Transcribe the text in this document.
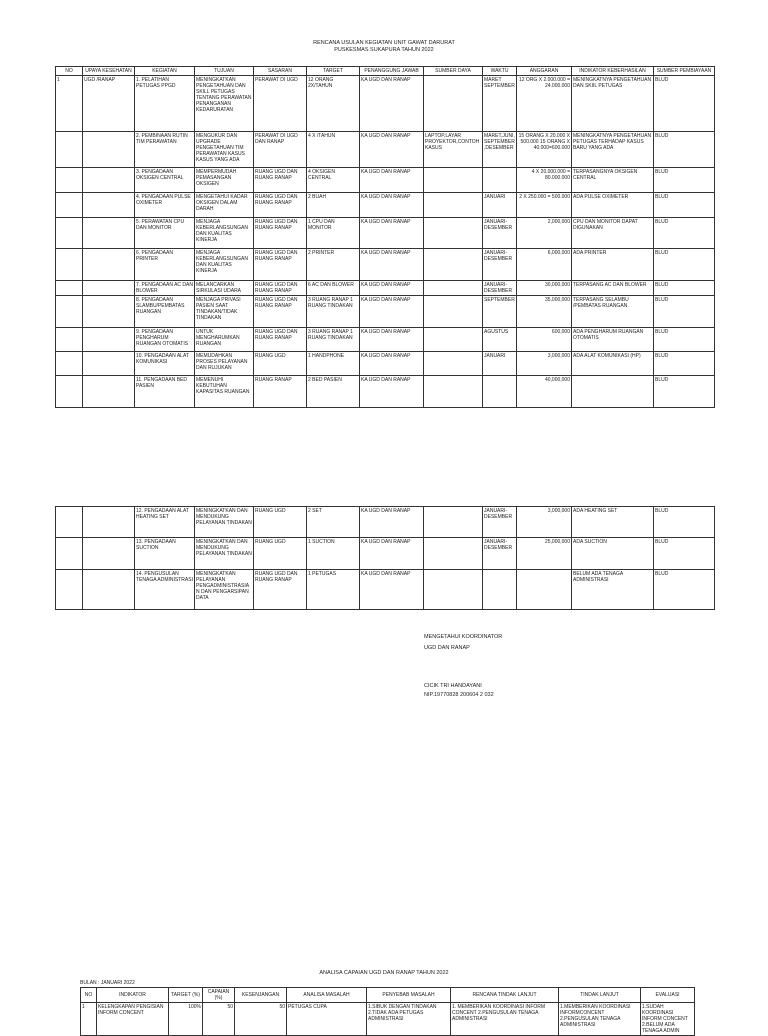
RENCANA USULAN KEGIATAN UNIT GAWAT DARURAT
PUSKESMAS SUKAPURA TAHUN 2022
NO	UPAYA KESEHATAN	KEGIATAN	TUJUAN	SASARAN	TARGET	PENANGGUNG JAWAB	SUMBER DAYA	WAKTU	ANGGARAN	INDIKATOR KEBERHASILAN	SUMBER PEMBIAYAAN
1	UGD /RANAP	1. PELATIHAN PETUGAS PPGD	MENINGKATKAN PENGETAHUAN DAN SKILL PETUGAS TENTANG PERAWATAN PENANGANAN KEDARURATAN	PERAWAT DI UGD	12 ORANG 2X/TAHUN	KA UGD DAN RANAP		MARET SEPTEMBER	12 ORG X 2.000.000 = 24.000.000	MENINGKATNYA PENGETAHUAN DAN SKIIL PETUGAS	BLUD
		2. PEMBINAAN RUTIN TIM PERAWATAN	MENGUKUR DAN UPGRADE PENGETAHUAN TIM PERAWATAN KASUS KASUS YANG ADA	PERAWAT DI UGD DAN RANAP	4 X /TAHUN	KA UGD DAN RANAP	LAPTOP,LAYAR PROYEKTOR,CONTOH KASUS	MARET,JUNI,SEPTEMBER,DESEMBER	15 ORANG X 20.000 X 500.000 15 ORANG X 40.000=600.000	MENINGKATNYA PENGETAHUAN PETUGAS TERHADAP KASUS BARU YANG ADA	BLUD
		3. PENGADAAN OKSIGEN CENTRAL	MEMPERMUDAH PEMASANGAN OKSIGEN	RUANG UGD DAN RUANG RANAP	4 OKSIGEN CENTRAL	KA UGD DAN RANAP			4 X 20.000.000 = 80.000.000	TERPASANGNYA OKSIGEN CENTRAL	BLUD
		4. PENGADAAN PULSE OXIMETER	MENGETAHUI KADAR OKSIGEN DALAM DARAH	RUANG UGD DAN RUANG RANAP	2 BUAH	KA UGD DAN RANAP		JANUARI	2 X 250.000 = 500.000	ADA PULSE OXIMETER	BLUD
		5. PERAWATAN CPU DAN MONITOR	MENJAGA KEBERLANGSUNGAN DAN KUALITAS KINERJA	RUANG UGD DAN RUANG RANAP	1 CPU DAN MONITOR	KA UGD DAN RANAP		JANUARI-DESEMBER	2,000,000	CPU DAN MONITOR DAPAT DIGUNAKAN	BLUD
		6. PENGADAAN PRINTER	MENJAGA KEBERLANGSUNGAN DAN KUALITAS KINERJA	RUANG UGD DAN RUANG RANAP	2 PRINTER	KA UGD DAN RANAP		JANUARI-DESEMBER	6,000,000	ADA PRINTER	BLUD
		7. PENGADAAN AC DAN BLOWER	MELANCARKAN SIRKULASI UDARA	RUANG UGD DAN RUANG RANAP	6 AC DAN BLOWER	KA UGD DAN RANAP		JANUARI-DESEMBER	30,000,000	TERPASANG AC DAN BLOWER	BLUD
		8. PENGADAAN SLAMBU/PEMBATAS RUANGAN	MENJAGA PRIVASI PASIEN SAAT TINDAKAN/TIDAK TINDAKAN	RUANG UGD DAN RUANG RANAP	3 RUANG RANAP 1 RUANG TINDAKAN	KA UGD DAN RANAP		SEPTEMBER	35,000,000	TERPASANG SELAMBU /PEMBATAS RUANGAN	BLUD
		9. PENGADAAN PENGHARUM RUANGAN OTOMATIS	UNTUK MENGHARUMKAN RUANGAN	RUANG UGD DAN RUANG RANAP	3 RUANG RANAP 1 RUANG TINDAKAN	KA UGD DAN RANAP		AGUSTUS	600,000	ADA PENGHARUM RUANGAN OTOMATIS	BLUD
		10. PENGADAAN ALAT KOMUNIKASI	MEMUDAHKAN PROSES PELAYANAN DAN RUJUKAN	RUANG UGD	1 HANDPHONE	KA UGD DAN RANAP		JANUARI	3,000,000	ADA ALAT KOMUNIKASI (HP)	BLUD
		11. PENGADAAN BED PASIEN	MEMENUHI KEBUTUHAN KAPASITAS RUANGAN	RUANG RANAP	2 BED PASIEN	KA UGD DAN RANAP			40,000,000		BLUD
		12. PENGADAAN ALAT HEATING SET	MENINGKATKAN DAN MENDUKUNG PELAYANAN TINDAKAN	RUANG UGD	2 SET	KA UGD DAN RANAP		JANUARI-DESEMBER	3,000,000	ADA HEATING SET	BLUD
		13. PENGADAAN SUCTION	MENINGKATKAN DAN MENDUKUNG PELAYANAN TINDAKAN	RUANG UGD	1 SUCTION	KA UGD DAN RANAP		JANUARI-DESEMBER	25,000,000	ADA SUCTION	BLUD
		14. PENGUSULAN TENAGA ADMINISTRASI	MENINGKATKAN PELAYANAN PENGADMINISTRASIAN DAN PENGARSIPAN DATA	RUANG UGD DAN RUANG RANAP	1 PETUGAS	KA UGD DAN RANAP				BELUM ADA TENAGA ADMINISTRASI	BLUD
MENGETAHUI KOORDINATOR
UGD DAN RANAP
CICIK TRI HANDAYANI
NIP.19770828 200604 2 032
ANALISA CAPAIAN UGD DAN RANAP TAHUN 2022
BULAN : JANUARI 2022
NO	INDIKATOR	TARGET (%)	CAPAIAN (%)	KESENJANGAN	ANALISA MASALAH	PENYEBAB MASALAH	RENCANA TINDAK LANJUT	TINDAK LANJUT	EVALUASI
1	KELENGKAPAN PENGISIAN INFORM CONCENT	100%	50	50	PETUGAS CUPA	1.SIBUK DENGAN TINDAKAN 2.TIDAK ADA PETUGAS ADMINISTRASI	1. MEMBERIKAN KOORDINASI INFORM CONCENT 2.PENGUSULAN TENAGA ADMINISTRASI	1.MEMBERIKAN KOORDINASI INFORMCONCENT 2.PENGUSULAN TENAGA ADMINISTRASI	1.SUDAH KOORDINASI INFORM CONCENT 2.BELUM ADA TENAGA ADMIN
